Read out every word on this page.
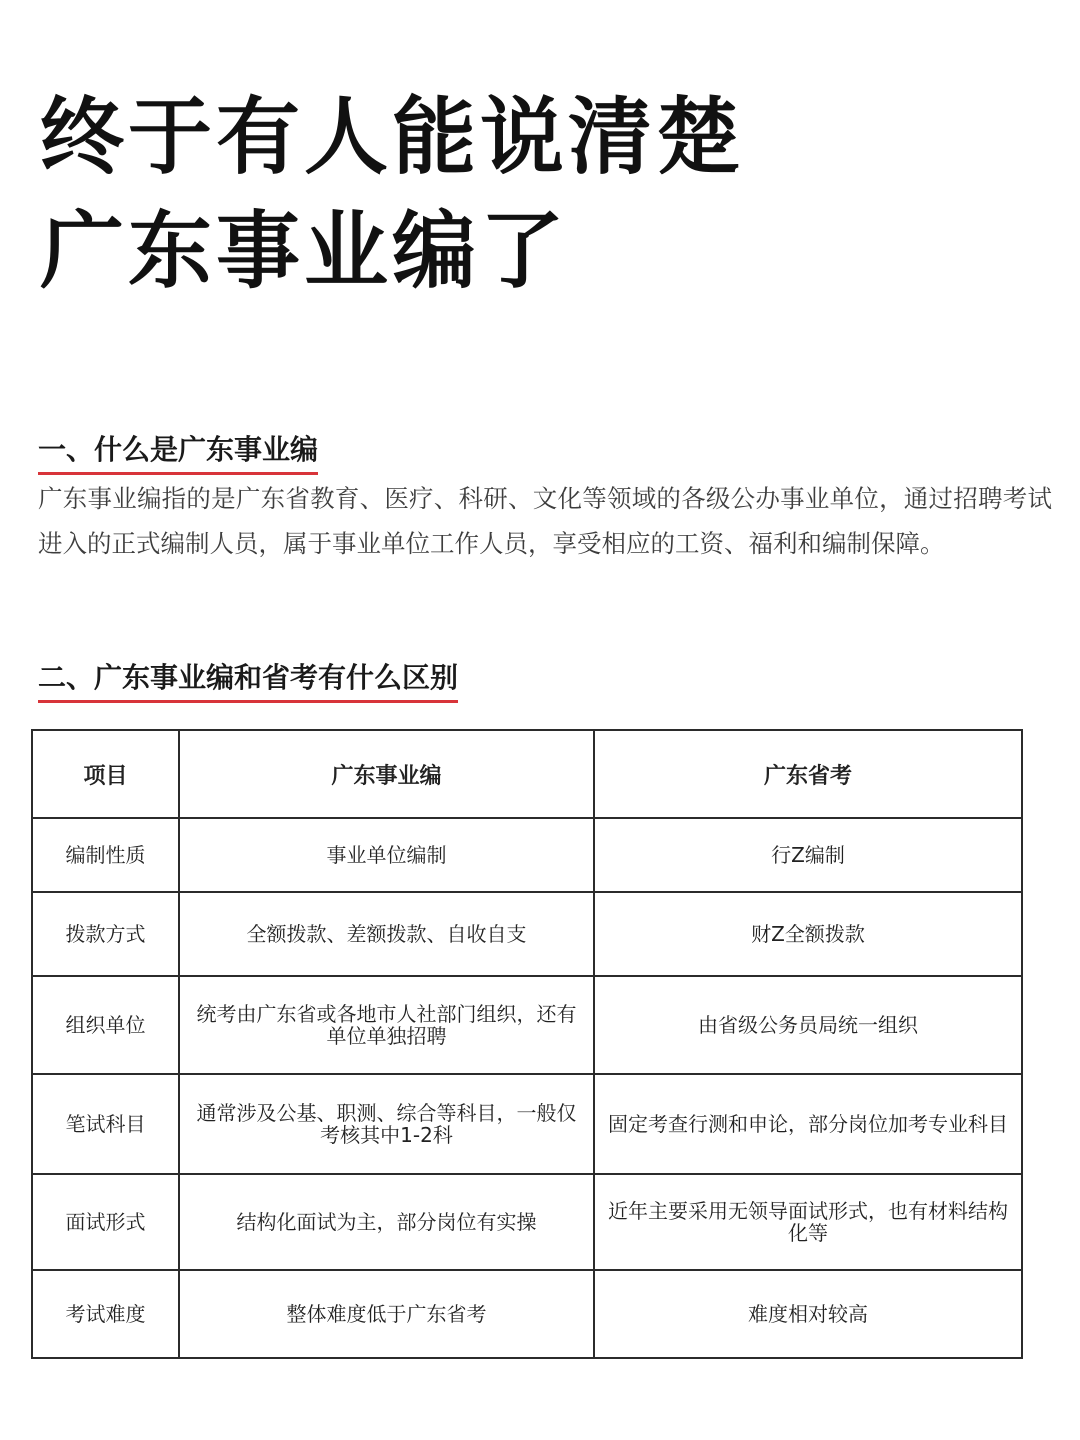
终于有人能说清楚
广东事业编了
一、什么是广东事业编

广东事业编指的是广东省教育、医疗、科研、文化等领域的各级公办事业单位，通过招聘考试进入的正式编制人员，属于事业单位工作人员，享受相应的工资、福利和编制保障。

二、广东事业编和省考有什么区别
项目	广东事业编	广东省考
编制性质	事业单位编制	行Z编制
拨款方式	全额拨款、差额拨款、自收自支	财Z全额拨款
组织单位	统考由广东省或各地市人社部门组织，还有单位单独招聘	由省级公务员局统一组织
笔试科目	通常涉及公基、职测、综合等科目，一般仅考核其中1-2科	固定考查行测和申论，部分岗位加考专业科目
面试形式	结构化面试为主，部分岗位有实操	近年主要采用无领导面试形式，也有材料结构化等
考试难度	整体难度低于广东省考	难度相对较高
